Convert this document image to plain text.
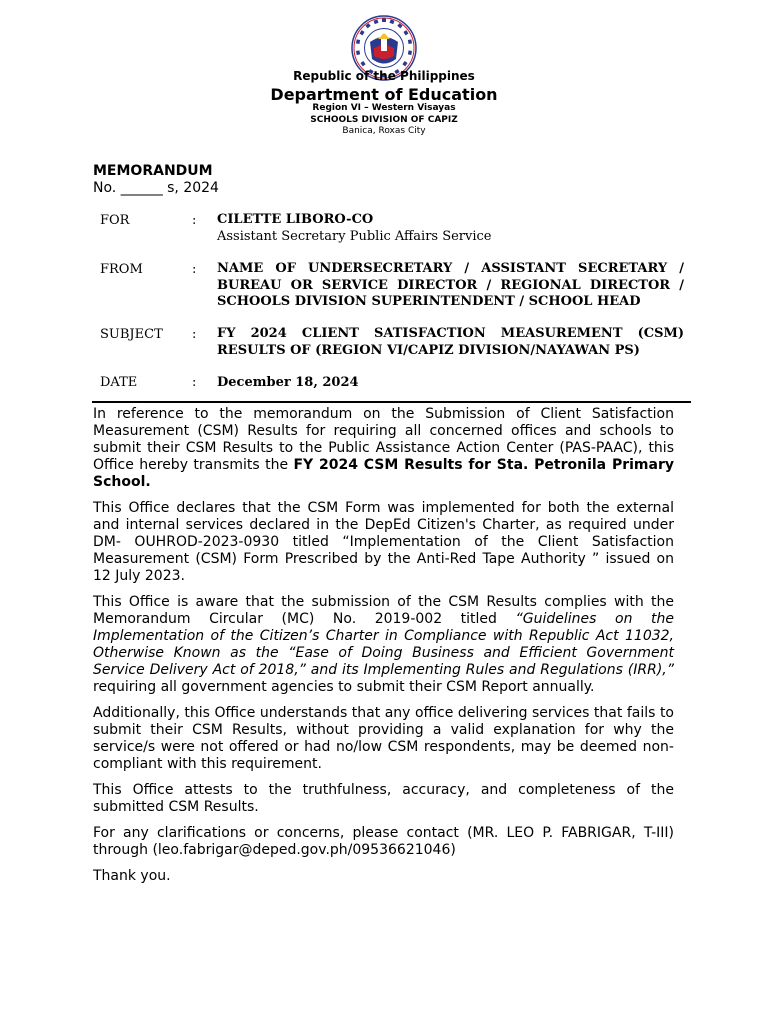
Republic of the Philippines
Department of Education
Region VI – Western Visayas
SCHOOLS DIVISION OF CAPIZ
Banica, Roxas City
MEMORANDUM
No. ______ s, 2024
FOR	: CILETTE LIBORO-CO
Assistant Secretary Public Affairs Service
FROM	: NAME OF UNDERSECRETARY / ASSISTANT SECRETARY / BUREAU OR SERVICE DIRECTOR / REGIONAL DIRECTOR / SCHOOLS DIVISION SUPERINTENDENT / SCHOOL HEAD
SUBJECT : FY 2024 CLIENT SATISFACTION MEASUREMENT (CSM) RESULTS OF (REGION VI/CAPIZ DIVISION/NAYAWAN PS)
DATE	: December 18, 2024

In reference to the memorandum on the Submission of Client Satisfaction Measurement (CSM) Results for requiring all concerned offices and schools to submit their CSM Results to the Public Assistance Action Center (PAS-PAAC), this Office hereby transmits the FY 2024 CSM Results for Sta. Petronila Primary School.

This Office declares that the CSM Form was implemented for both the external and internal services declared in the DepEd Citizen's Charter, as required under DM- OUHROD-2023-0930 titled “Implementation of the Client Satisfaction Measurement (CSM) Form Prescribed by the Anti-Red Tape Authority ” issued on 12 July 2023.

This Office is aware that the submission of the CSM Results complies with the Memorandum Circular (MC) No. 2019-002 titled “Guidelines on the Implementation of the Citizen’s Charter in Compliance with Republic Act 11032, Otherwise Known as the “Ease of Doing Business and Efficient Government Service Delivery Act of 2018,” and its Implementing Rules and Regulations (IRR),” requiring all government agencies to submit their CSM Report annually.

Additionally, this Office understands that any office delivering services that fails to submit their CSM Results, without providing a valid explanation for why the service/s were not offered or had no/low CSM respondents, may be deemed non-compliant with this requirement.

This Office attests to the truthfulness, accuracy, and completeness of the submitted CSM Results.

For any clarifications or concerns, please contact (MR. LEO P. FABRIGAR, T-III) through (leo.fabrigar@deped.gov.ph/09536621046)

Thank you.
